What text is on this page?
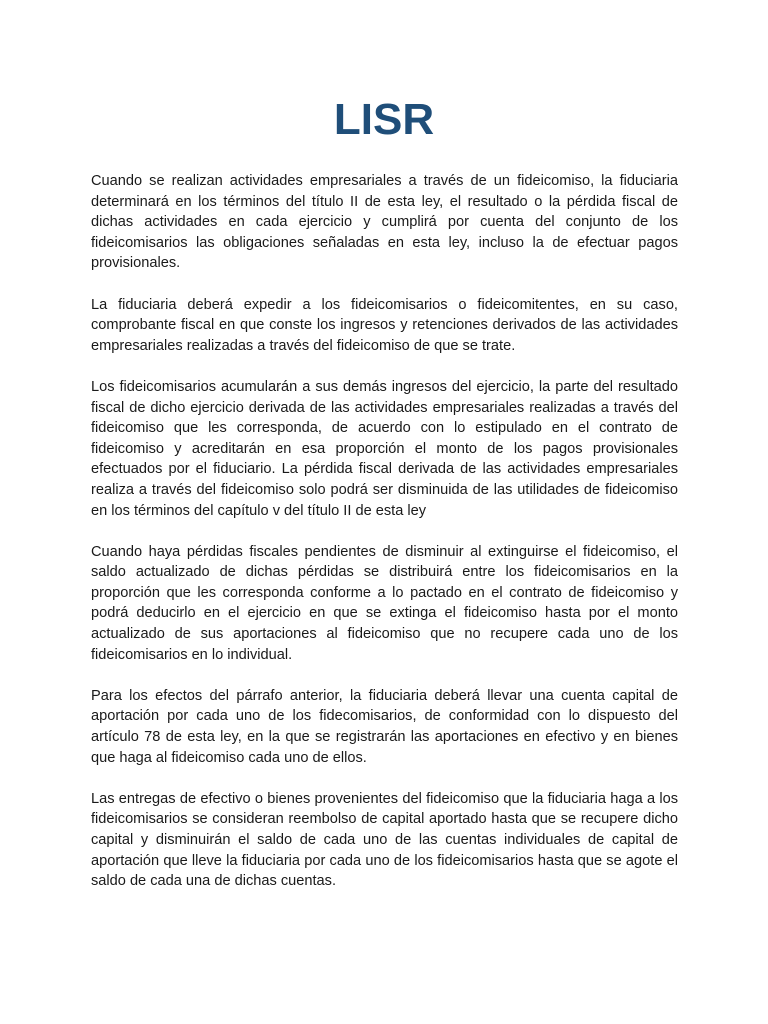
LISR

Cuando se realizan actividades empresariales a través de un fideicomiso, la fiduciaria determinará en los términos del título II de esta ley, el resultado o la pérdida fiscal de dichas actividades en cada ejercicio y cumplirá por cuenta del conjunto de los fideicomisarios las obligaciones señaladas en esta ley, incluso la de efectuar pagos provisionales.

La fiduciaria deberá expedir a los fideicomisarios o fideicomitentes, en su caso, comprobante fiscal en que conste los ingresos y retenciones derivados de las actividades empresariales realizadas a través del fideicomiso de que se trate.

Los fideicomisarios acumularán a sus demás ingresos del ejercicio, la parte del resultado fiscal de dicho ejercicio derivada de las actividades empresariales realizadas a través del fideicomiso que les corresponda, de acuerdo con lo estipulado en el contrato de fideicomiso y acreditarán en esa proporción el monto de los pagos provisionales efectuados por el fiduciario. La pérdida fiscal derivada de las actividades empresariales realiza a través del fideicomiso solo podrá ser disminuida de las utilidades de fideicomiso en los términos del capítulo v del título II de esta ley

Cuando haya pérdidas fiscales pendientes de disminuir al extinguirse el fideicomiso, el saldo actualizado de dichas pérdidas se distribuirá entre los fideicomisarios en la proporción que les corresponda conforme a lo pactado en el contrato de fideicomiso y podrá deducirlo en el ejercicio en que se extinga el fideicomiso hasta por el monto actualizado de sus aportaciones al fideicomiso que no recupere cada uno de los fideicomisarios en lo individual.

Para los efectos del párrafo anterior, la fiduciaria deberá llevar una cuenta capital de aportación por cada uno de los fidecomisarios, de conformidad con lo dispuesto del artículo 78 de esta ley, en la que se registrarán las aportaciones en efectivo y en bienes que haga al fideicomiso cada uno de ellos.

Las entregas de efectivo o bienes provenientes del fideicomiso que la fiduciaria haga a los fideicomisarios se consideran reembolso de capital aportado hasta que se recupere dicho capital y disminuirán el saldo de cada uno de las cuentas individuales de capital de aportación que lleve la fiduciaria por cada uno de los fideicomisarios hasta que se agote el saldo de cada una de dichas cuentas.
